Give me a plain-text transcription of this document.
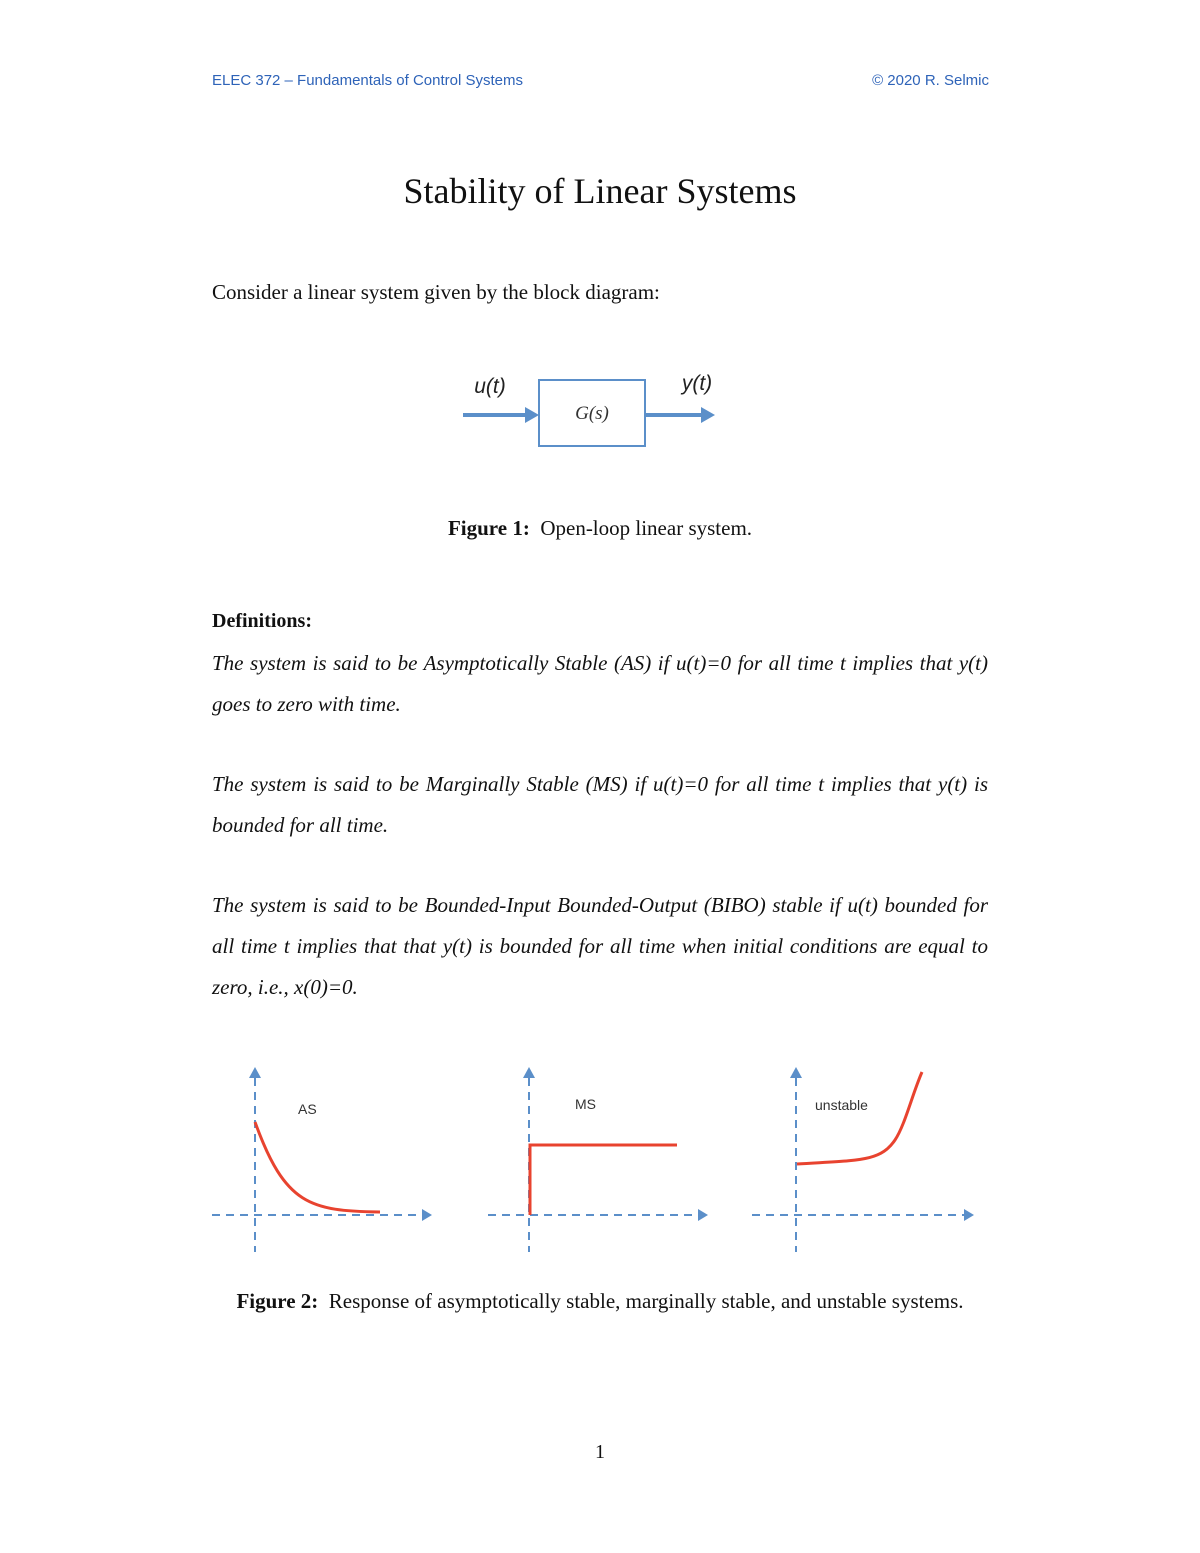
ELEC 372 – Fundamentals of Control Systems	© 2020 R. Selmic
Stability of Linear Systems
Consider a linear system given by the block diagram:
u(t)	y(t)
G(s)
Figure 1: Open-loop linear system.
Definitions:
The system is said to be Asymptotically Stable (AS) if u(t)=0 for all time t implies that y(t) goes to zero with time.
The system is said to be Marginally Stable (MS) if u(t)=0 for all time t implies that y(t) is bounded for all time.
The system is said to be Bounded-Input Bounded-Output (BIBO) stable if u(t) bounded for all time t implies that that y(t) is bounded for all time when initial conditions are equal to zero, i.e., x(0)=0.
AS	MS	unstable
Figure 2: Response of asymptotically stable, marginally stable, and unstable systems.
1
